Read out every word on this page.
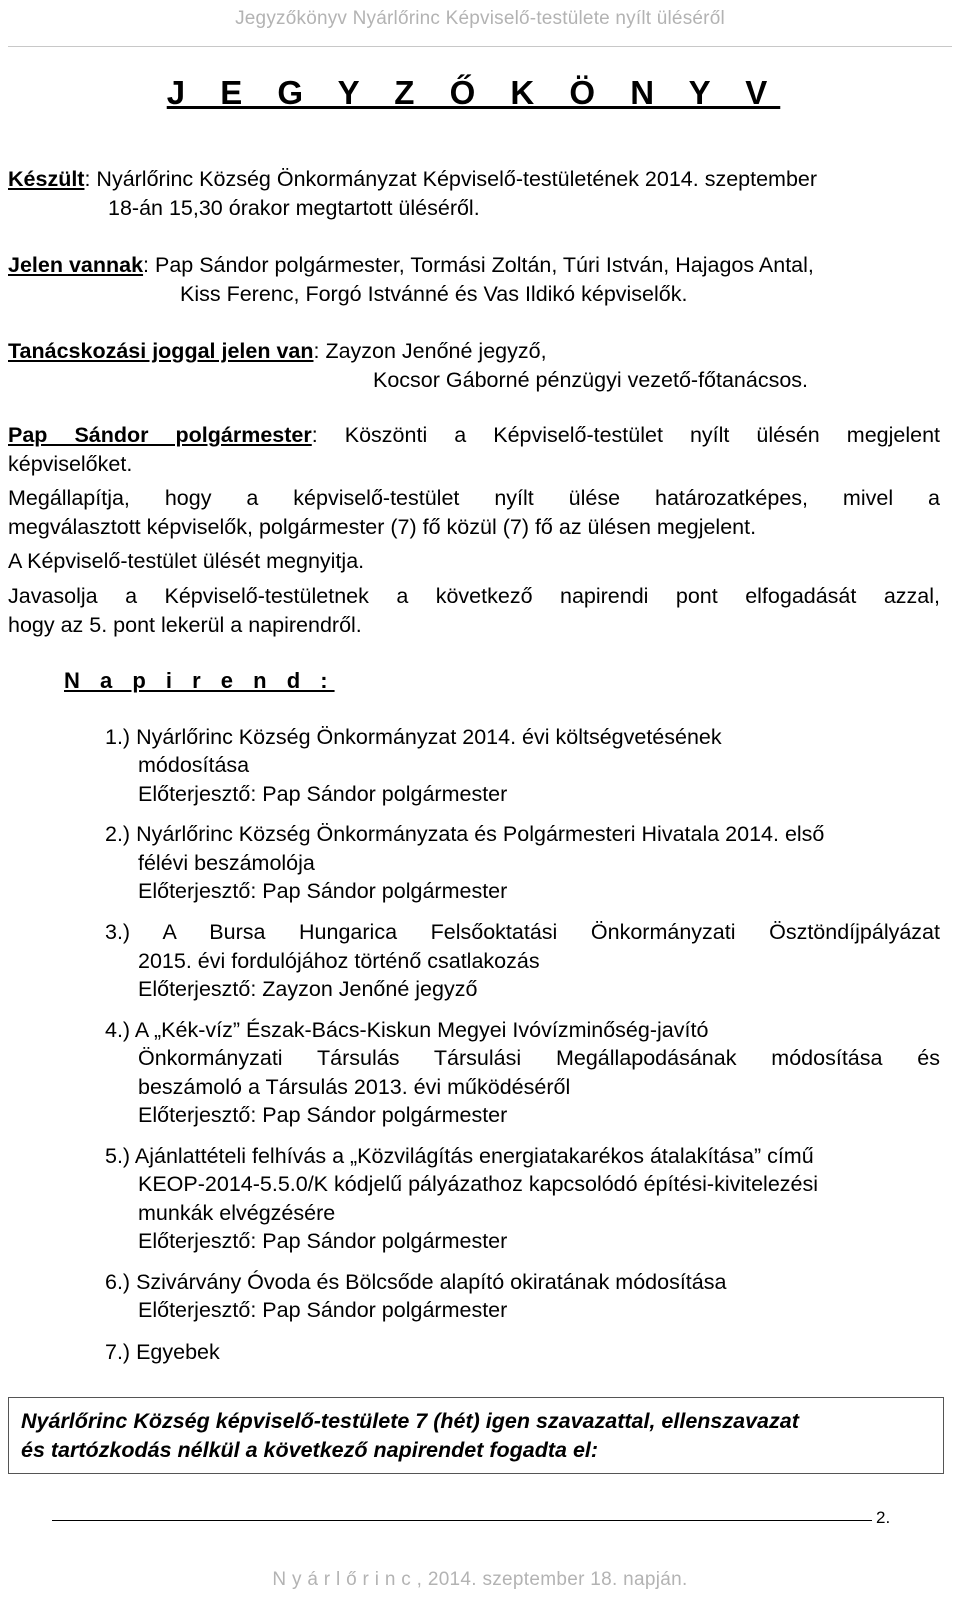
Jegyzőkönyv Nyárlőrinc Képviselő-testülete nyílt üléséről
J E G Y Z Ő K Ö N Y V
Készült: Nyárlőrinc Község Önkormányzat Képviselő-testületének 2014. szeptember
18-án 15,30 órakor megtartott üléséről.
Jelen vannak: Pap Sándor polgármester, Tormási Zoltán, Túri István, Hajagos Antal,
Kiss Ferenc, Forgó Istvánné és Vas Ildikó képviselők.
Tanácskozási joggal jelen van: Zayzon Jenőné jegyző,
Kocsor Gáborné pénzügyi vezető-főtanácsos.
Pap Sándor polgármester: Köszönti a Képviselő-testület nyílt ülésén megjelent
képviselőket.
Megállapítja, hogy a képviselő-testület nyílt ülése határozatképes, mivel a
megválasztott képviselők, polgármester (7) fő közül (7) fő az ülésen megjelent.
A Képviselő-testület ülését megnyitja.
Javasolja a Képviselő-testületnek a következő napirendi pont elfogadását azzal,
hogy az 5. pont lekerül a napirendről.
N a p i r e n d :
1.) Nyárlőrinc Község Önkormányzat 2014. évi költségvetésének
módosítása
Előterjesztő: Pap Sándor polgármester
2.) Nyárlőrinc Község Önkormányzata és Polgármesteri Hivatala 2014. első
félévi beszámolója
Előterjesztő: Pap Sándor polgármester
3.) A Bursa Hungarica Felsőoktatási Önkormányzati Ösztöndíjpályázat
2015. évi fordulójához történő csatlakozás
Előterjesztő: Zayzon Jenőné jegyző
4.) A „Kék-víz” Észak-Bács-Kiskun Megyei Ivóvízminőség-javító
Önkormányzati Társulás Társulási Megállapodásának módosítása és
beszámoló a Társulás 2013. évi működéséről
Előterjesztő: Pap Sándor polgármester
5.) Ajánlattételi felhívás a „Közvilágítás energiatakarékos átalakítása” című
KEOP-2014-5.5.0/K kódjelű pályázathoz kapcsolódó építési-kivitelezési
munkák elvégzésére
Előterjesztő: Pap Sándor polgármester
6.) Szivárvány Óvoda és Bölcsőde alapító okiratának módosítása
Előterjesztő: Pap Sándor polgármester
7.) Egyebek
Nyárlőrinc Község képviselő-testülete 7 (hét) igen szavazattal, ellenszavazat
és tartózkodás nélkül a következő napirendet fogadta el:
2.
N y á r l ő r i n c , 2014. szeptember 18. napján.
